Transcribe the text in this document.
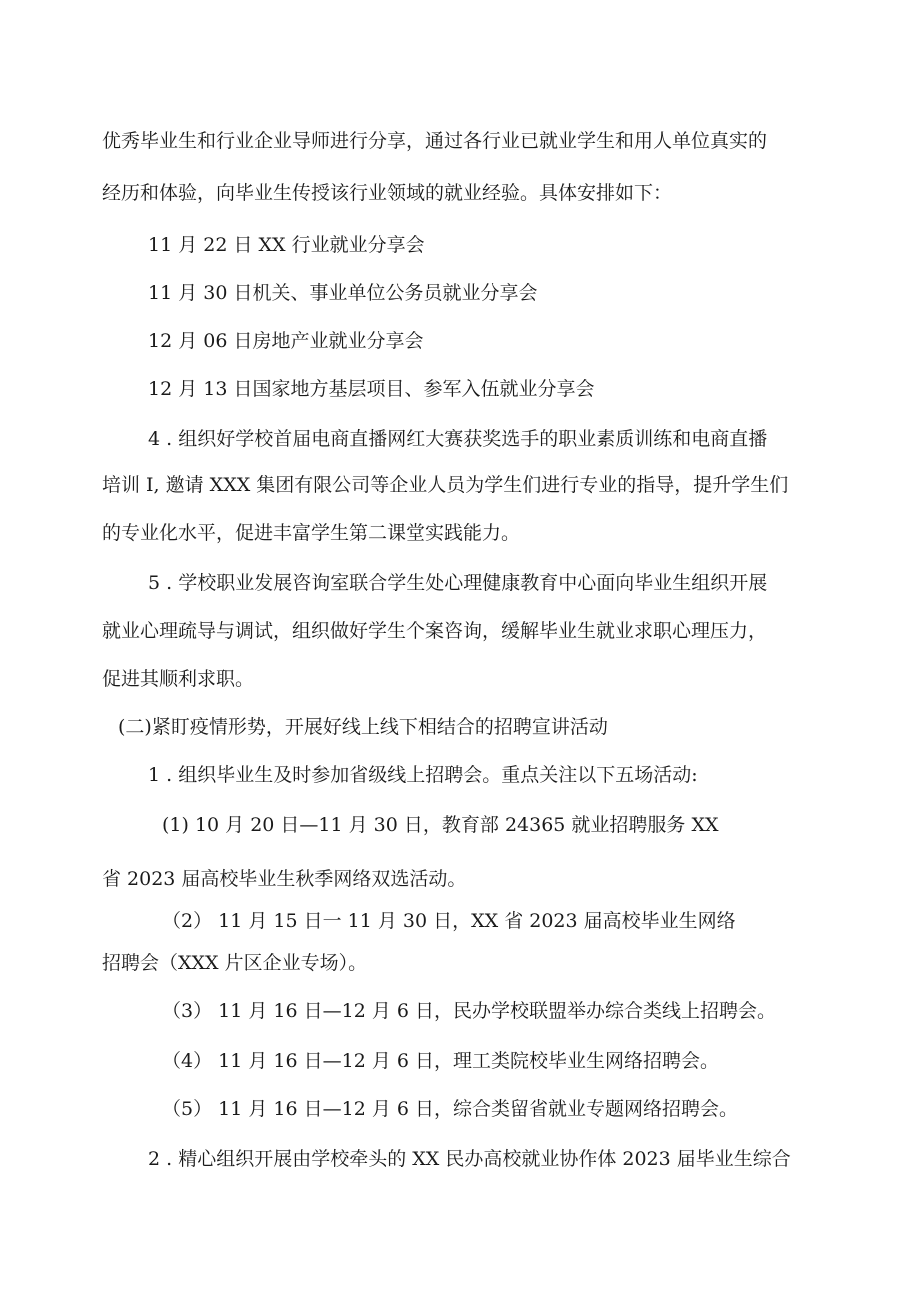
优秀毕业生和行业企业导师进行分享，通过各行业已就业学生和用人单位真实的
经历和体验，向毕业生传授该行业领域的就业经验。具体安排如下：
11 月 22 日 XX 行业就业分享会
11 月 30 日机关、事业单位公务员就业分享会
12 月 06 日房地产业就业分享会
12 月 13 日国家地方基层项目、参军入伍就业分享会
4 . 组织好学校首届电商直播网红大赛获奖选手的职业素质训练和电商直播
培训 I, 邀请 XXX 集团有限公司等企业人员为学生们进行专业的指导，提升学生们
的专业化水平，促进丰富学生第二课堂实践能力。
5 . 学校职业发展咨询室联合学生处心理健康教育中心面向毕业生组织开展
就业心理疏导与调试，组织做好学生个案咨询，缓解毕业生就业求职心理压力，
促进其顺利求职。
(二)紧盯疫情形势，开展好线上线下相结合的招聘宣讲活动
1 . 组织毕业生及时参加省级线上招聘会。重点关注以下五场活动:
(1) 10 月 20 日—11 月 30 日，教育部 24365 就业招聘服务 XX
省 2023 届高校毕业生秋季网络双选活动。
（2） 11 月 15 日一 11 月 30 日，XX 省 2023 届高校毕业生网络
招聘会（XXX 片区企业专场）。
（3） 11 月 16 日—12 月 6 日，民办学校联盟举办综合类线上招聘会。
（4） 11 月 16 日—12 月 6 日，理工类院校毕业生网络招聘会。
（5） 11 月 16 日—12 月 6 日，综合类留省就业专题网络招聘会。
2 . 精心组织开展由学校牵头的 XX 民办高校就业协作体 2023 届毕业生综合
